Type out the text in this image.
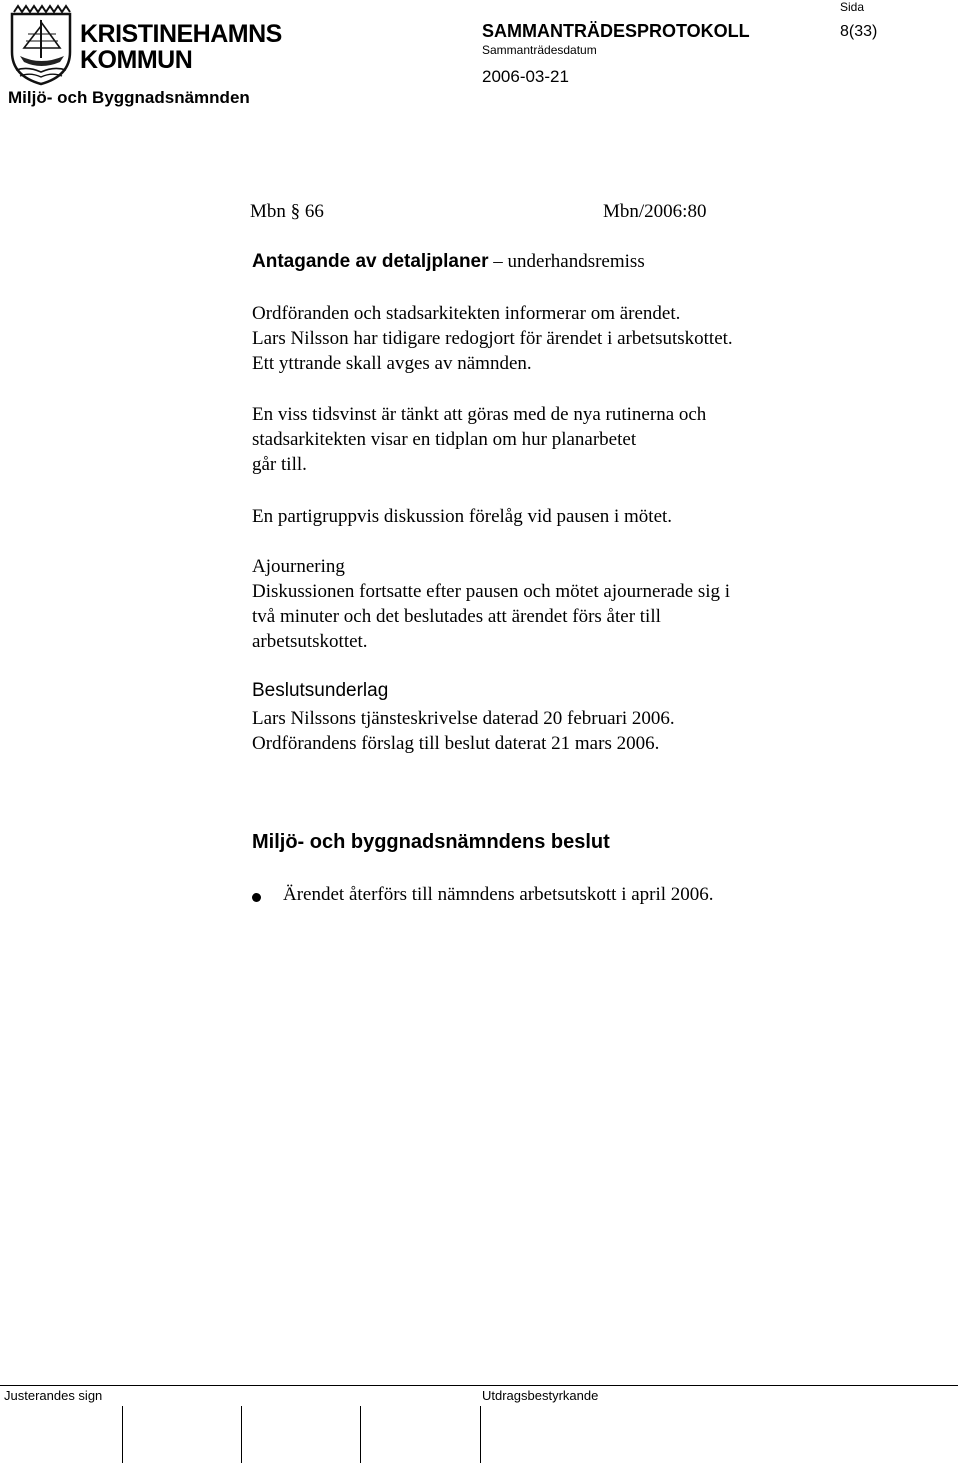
KRISTINEHAMNS
KOMMUN
Miljö- och Byggnadsnämnden
SAMMANTRÄDESPROTOKOLL
Sida
8(33)
Sammanträdesdatum
2006-03-21
Mbn § 66	Mbn/2006:80
Antagande av detaljplaner – underhandsremiss
Ordföranden och stadsarkitekten informerar om ärendet.
Lars Nilsson har tidigare redogjort för ärendet i arbetsutskottet.
Ett yttrande skall avges av nämnden.
En viss tidsvinst är tänkt att göras med de nya rutinerna och
stadsarkitekten visar en tidplan om hur planarbetet
går till.
En partigruppvis diskussion förelåg vid pausen i mötet.
Ajournering
Diskussionen fortsatte efter pausen och mötet ajournerade sig i
två minuter och det beslutades att ärendet förs åter till
arbetsutskottet.
Beslutsunderlag
Lars Nilssons tjänsteskrivelse daterad 20 februari 2006.
Ordförandens förslag till beslut daterat 21 mars 2006.
Miljö- och byggnadsnämndens beslut
Ärendet återförs till nämndens arbetsutskott i april 2006.
Justerandes sign	Utdragsbestyrkande
